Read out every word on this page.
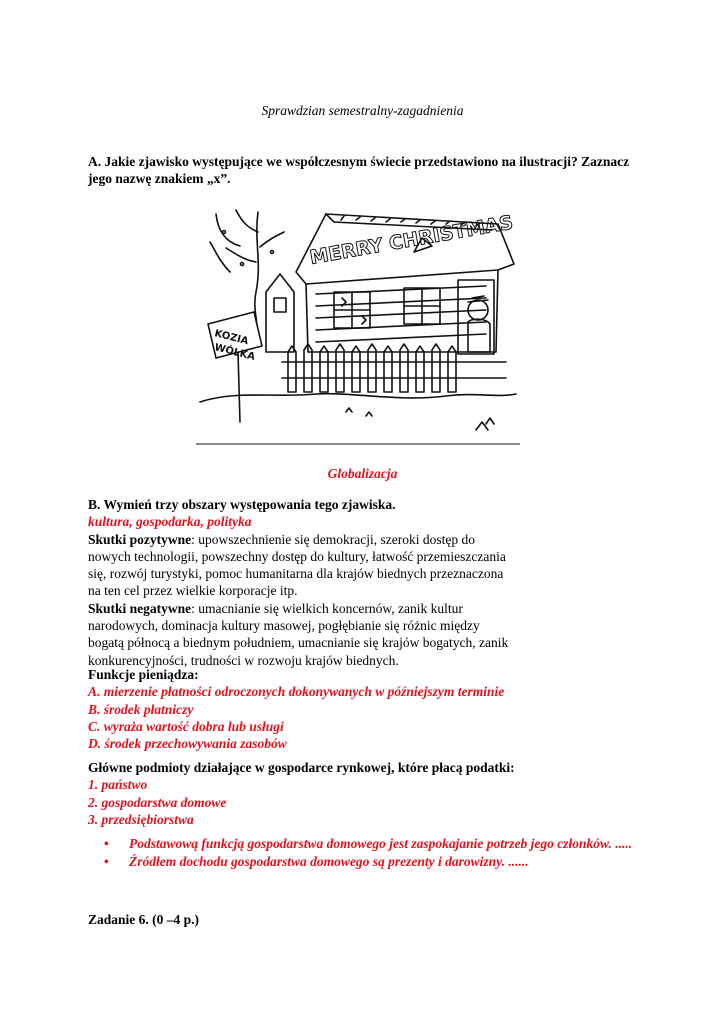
Sprawdzian semestralny-zagadnienia
A. Jakie zjawisko występujące we współczesnym świecie przedstawiono na ilustracji? Zaznacz
jego nazwę znakiem „x”.
MERRY CHRISTMAS
KOZIA
WÓLKA
Globalizacja
B. Wymień trzy obszary występowania tego zjawiska.
kultura, gospodarka, polityka
Skutki pozytywne: upowszechnienie się demokracji, szeroki dostęp do
nowych technologii, powszechny dostęp do kultury, łatwość przemieszczania
się, rozwój turystyki, pomoc humanitarna dla krajów biednych przeznaczona
na ten cel przez wielkie korporacje itp.
Skutki negatywne: umacnianie się wielkich koncernów, zanik kultur
narodowych, dominacja kultury masowej, pogłębianie się różnic między
bogatą północą a biednym południem, umacnianie się krajów bogatych, zanik
konkurencyjności, trudności w rozwoju krajów biednych.
Funkcje pieniądza:
A. mierzenie płatności odroczonych dokonywanych w późniejszym terminie
B. środek płatniczy
C. wyraża wartość dobra lub usługi
D. środek przechowywania zasobów
Główne podmioty działające w gospodarce rynkowej, które płacą podatki:
1. państwo
2. gospodarstwa domowe
3. przedsiębiorstwa
• Podstawową funkcją gospodarstwa domowego jest zaspokajanie potrzeb jego członków. .....
• Źródłem dochodu gospodarstwa domowego są prezenty i darowizny. ......
Zadanie 6. (0 –4 p.)
